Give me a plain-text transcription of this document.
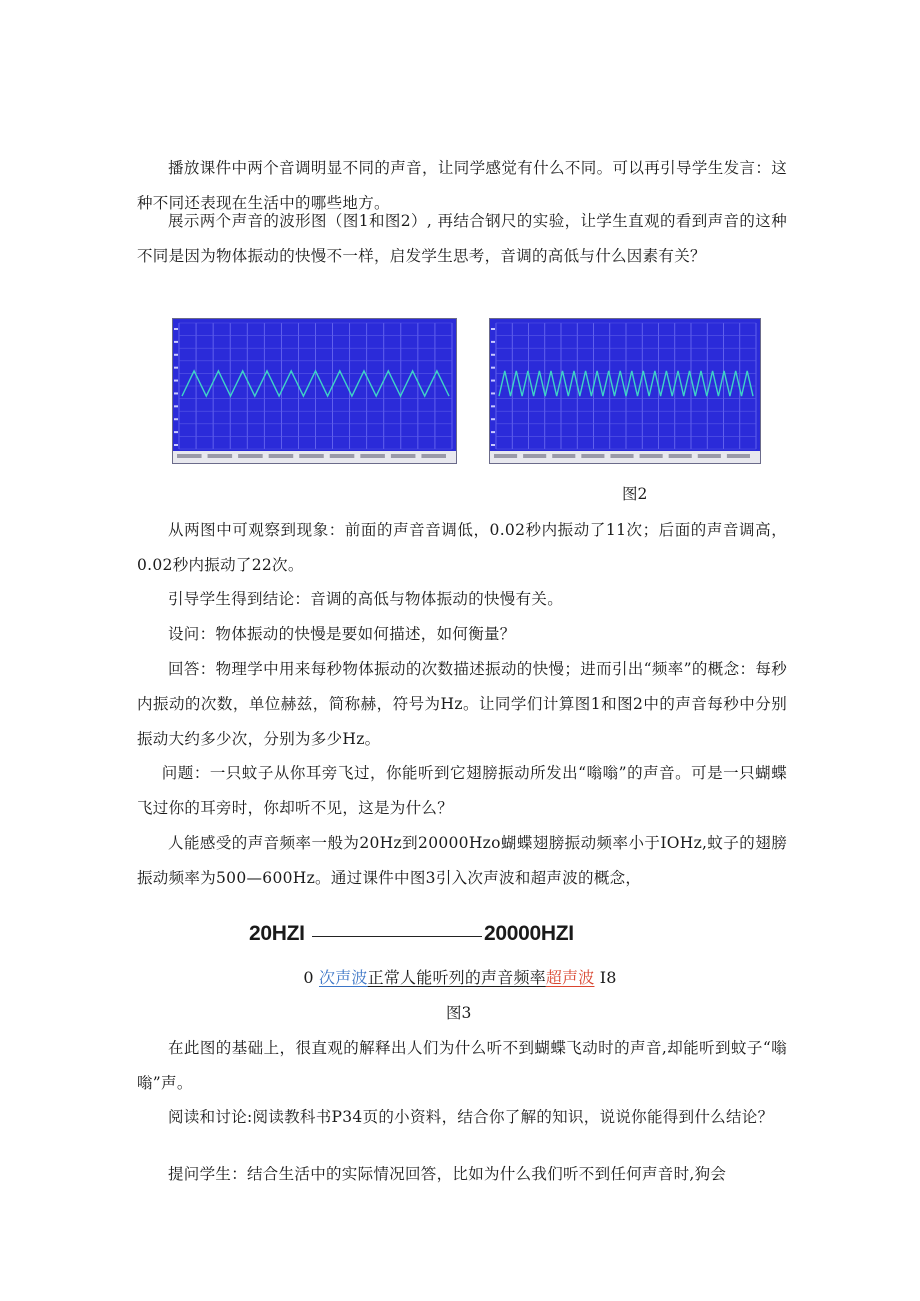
播放课件中两个音调明显不同的声音，让同学感觉有什么不同。可以再引导学生发言：这种不同还表现在生活中的哪些地方。

展示两个声音的波形图（图1和图2）, 再结合钢尺的实验，让学生直观的看到声音的这种不同是因为物体振动的快慢不一样，启发学生思考，音调的高低与什么因素有关？

图2

从两图中可观察到现象：前面的声音音调低，0.02秒内振动了11次；后面的声音调高，0.02秒内振动了22次。

引导学生得到结论：音调的高低与物体振动的快慢有关。

设问：物体振动的快慢是要如何描述，如何衡量？

回答：物理学中用来每秒物体振动的次数描述振动的快慢；进而引出“频率”的概念：每秒内振动的次数，单位赫兹，简称赫，符号为Hz。让同学们计算图1和图2中的声音每秒中分别振动大约多少次，分别为多少Hz。

问题：一只蚊子从你耳旁飞过，你能听到它翅膀振动所发出“嗡嗡”的声音。可是一只蝴蝶飞过你的耳旁时，你却听不见，这是为什么？

人能感受的声音频率一般为20Hz到20000Hzo蝴蝶翅膀振动频率小于IOHz,蚊子的翅膀振动频率为500—600Hz。通过课件中图3引入次声波和超声波的概念，

20HZI	20000HZI
0 次声波正常人能听列的声音频率超声波 I8
图3

在此图的基础上，很直观的解释出人们为什么听不到蝴蝶飞动时的声音,却能听到蚊子“嗡嗡”声。

阅读和讨论:阅读教科书P34页的小资料，结合你了解的知识，说说你能得到什么结论？

提问学生：结合生活中的实际情况回答，比如为什么我们听不到任何声音时,狗会
